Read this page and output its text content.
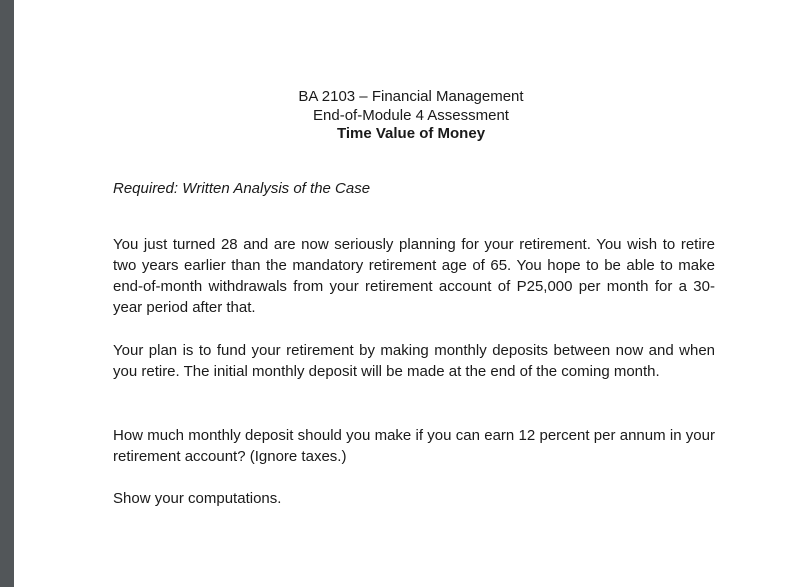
BA 2103 – Financial Management
End-of-Module 4 Assessment
Time Value of Money
Required: Written Analysis of the Case

You just turned 28 and are now seriously planning for your retirement. You wish to retire two years earlier than the mandatory retirement age of 65. You hope to be able to make end-of-month withdrawals from your retirement account of P25,000 per month for a 30-year period after that.

Your plan is to fund your retirement by making monthly deposits between now and when you retire. The initial monthly deposit will be made at the end of the coming month.

How much monthly deposit should you make if you can earn 12 percent per annum in your retirement account? (Ignore taxes.)

Show your computations.
